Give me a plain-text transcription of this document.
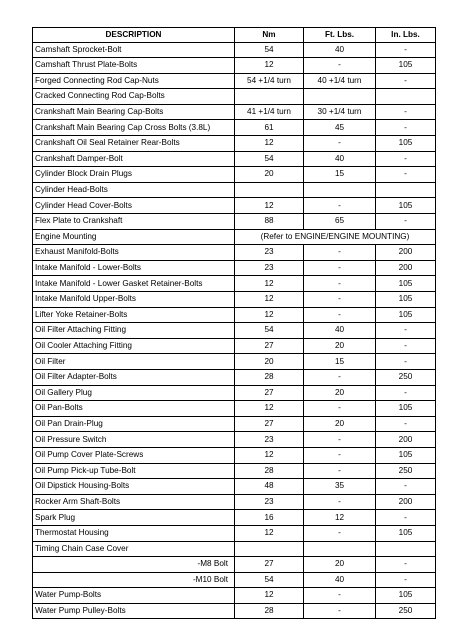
DESCRIPTION	Nm	Ft. Lbs.	In. Lbs.
Camshaft Sprocket-Bolt	54	40	-
Camshaft Thrust Plate-Bolts	12	-	105
Forged Connecting Rod Cap-Nuts	54 +1/4 turn	40 +1/4 turn	-
Cracked Connecting Rod Cap-Bolts			
Crankshaft Main Bearing Cap-Bolts	41 +1/4 turn	30 +1/4 turn	-
Crankshaft Main Bearing Cap Cross Bolts (3.8L)	61	45	-
Crankshaft Oil Seal Retainer Rear-Bolts	12	-	105
Crankshaft Damper-Bolt	54	40	-
Cylinder Block Drain Plugs	20	15	-
Cylinder Head-Bolts			
Cylinder Head Cover-Bolts	12	-	105
Flex Plate to Crankshaft	88	65	-
Engine Mounting	(Refer to ENGINE/ENGINE MOUNTING)		
Exhaust Manifold-Bolts	23	-	200
Intake Manifold - Lower-Bolts	23	-	200
Intake Manifold - Lower Gasket Retainer-Bolts	12	-	105
Intake Manifold Upper-Bolts	12	-	105
Lifter Yoke Retainer-Bolts	12	-	105
Oil Filter Attaching Fitting	54	40	-
Oil Cooler Attaching Fitting	27	20	-
Oil Filter	20	15	-
Oil Filter Adapter-Bolts	28	-	250
Oil Gallery Plug	27	20	-
Oil Pan-Bolts	12	-	105
Oil Pan Drain-Plug	27	20	-
Oil Pressure Switch	23	-	200
Oil Pump Cover Plate-Screws	12	-	105
Oil Pump Pick-up Tube-Bolt	28	-	250
Oil Dipstick Housing-Bolts	48	35	-
Rocker Arm Shaft-Bolts	23	-	200
Spark Plug	16	12	-
Thermostat Housing	12	-	105
Timing Chain Case Cover			
-M8 Bolt	27	20	-
-M10 Bolt	54	40	-
Water Pump-Bolts	12	-	105
Water Pump Pulley-Bolts	28	-	250
